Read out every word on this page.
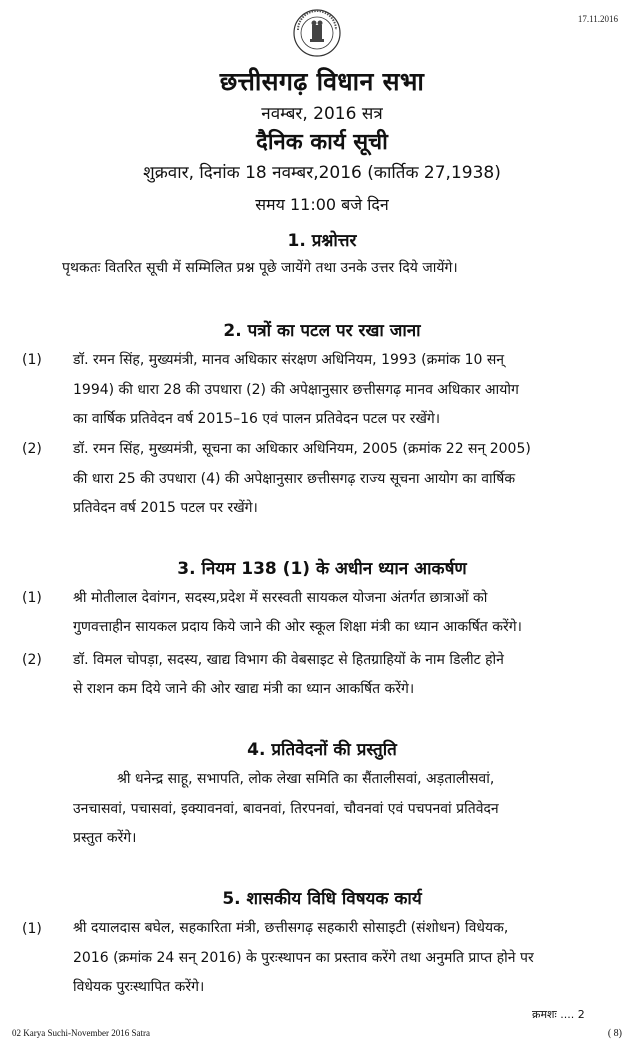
17.11.2016
छत्तीसगढ़ विधान सभा
नवम्बर, 2016 सत्र
दैनिक कार्य सूची
शुक्रवार, दिनांक 18 नवम्बर,2016 (कार्तिक 27,1938)
समय 11:00 बजे दिन
1. प्रश्नोत्तर
पृथकतः वितरित सूची में सम्मिलित प्रश्न पूछे जायेंगे तथा उनके उत्तर दिये जायेंगे।
2. पत्रों का पटल पर रखा जाना
(1) डॉ. रमन सिंह, मुख्यमंत्री, मानव अधिकार संरक्षण अधिनियम, 1993 (क्रमांक 10 सन्
1994) की धारा 28 की उपधारा (2) की अपेक्षानुसार छत्तीसगढ़ मानव अधिकार आयोग
का वार्षिक प्रतिवेदन वर्ष 2015–16 एवं पालन प्रतिवेदन पटल पर रखेंगे।
(2) डॉ. रमन सिंह, मुख्यमंत्री, सूचना का अधिकार अधिनियम, 2005 (क्रमांक 22 सन् 2005)
की धारा 25 की उपधारा (4) की अपेक्षानुसार छत्तीसगढ़ राज्य सूचना आयोग का वार्षिक
प्रतिवेदन वर्ष 2015 पटल पर रखेंगे।
3. नियम 138 (1) के अधीन ध्यान आकर्षण
(1) श्री मोतीलाल देवांगन, सदस्य,प्रदेश में सरस्वती सायकल योजना अंतर्गत छात्राओं को
गुणवत्ताहीन सायकल प्रदाय किये जाने की ओर स्कूल शिक्षा मंत्री का ध्यान आकर्षित करेंगे।
(2) डॉ. विमल चोपड़ा, सदस्य, खाद्य विभाग की वेबसाइट से हितग्राहियों के नाम डिलीट होने
से राशन कम दिये जाने की ओर खाद्य मंत्री का ध्यान आकर्षित करेंगे।
4. प्रतिवेदनों की प्रस्तुति
श्री धनेन्द्र साहू, सभापति, लोक लेखा समिति का सैंतालीसवां, अड़तालीसवां,
उनचासवां, पचासवां, इक्यावनवां, बावनवां, तिरपनवां, चौवनवां एवं पचपनवां प्रतिवेदन
प्रस्तुत करेंगे।
5. शासकीय विधि विषयक कार्य
(1) श्री दयालदास बघेल, सहकारिता मंत्री, छत्तीसगढ़ सहकारी सोसाइटी (संशोधन) विधेयक,
2016 (क्रमांक 24 सन् 2016) के पुरःस्थापन का प्रस्ताव करेंगे तथा अनुमति प्राप्त होने पर
विधेयक पुरःस्थापित करेंगे।
क्रमशः .... 2
02 Karya Suchi-November 2016 Satra	( 8)
